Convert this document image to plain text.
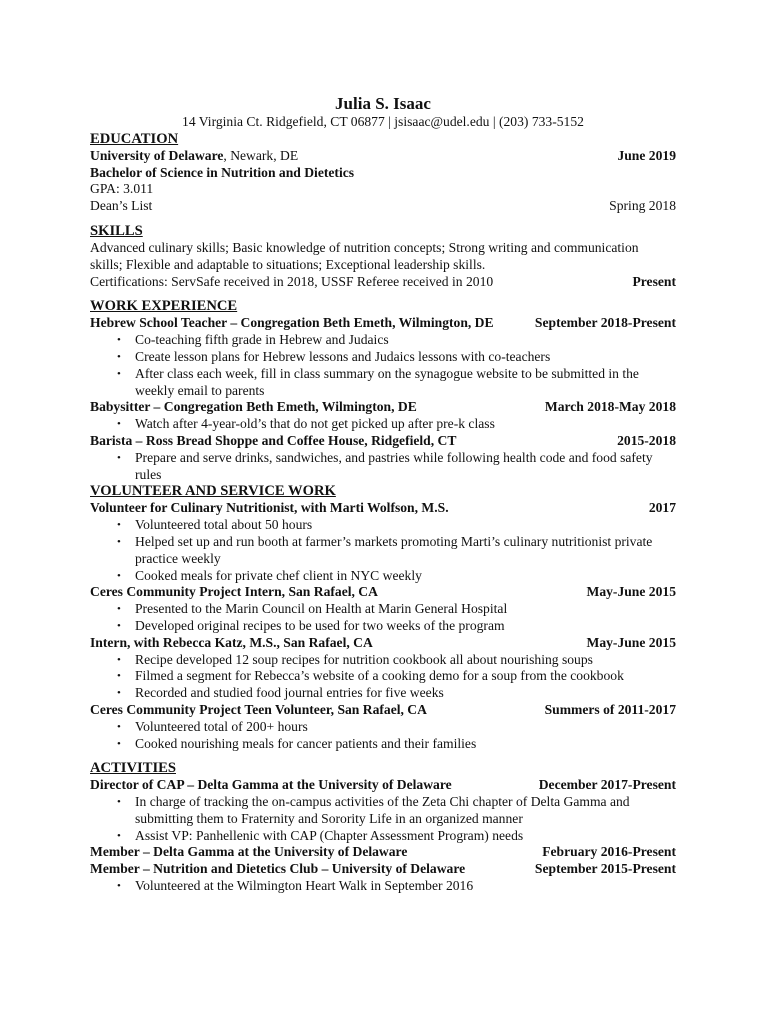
Julia S. Isaac
14 Virginia Ct. Ridgefield, CT 06877 | jsisaac@udel.edu | (203) 733-5152
EDUCATION
University of Delaware, Newark, DE	June 2019
Bachelor of Science in Nutrition and Dietetics
GPA: 3.011
Dean’s List	Spring 2018
SKILLS
Advanced culinary skills; Basic knowledge of nutrition concepts; Strong writing and communication
skills; Flexible and adaptable to situations; Exceptional leadership skills.
Certifications: ServSafe received in 2018, USSF Referee received in 2010	Present
WORK EXPERIENCE
Hebrew School Teacher – Congregation Beth Emeth, Wilmington, DE	September 2018-Present
• Co-teaching fifth grade in Hebrew and Judaics
• Create lesson plans for Hebrew lessons and Judaics lessons with co-teachers
• After class each week, fill in class summary on the synagogue website to be submitted in the weekly email to parents
Babysitter – Congregation Beth Emeth, Wilmington, DE	March 2018-May 2018
• Watch after 4-year-old’s that do not get picked up after pre-k class
Barista – Ross Bread Shoppe and Coffee House, Ridgefield, CT	2015-2018
• Prepare and serve drinks, sandwiches, and pastries while following health code and food safety rules
VOLUNTEER AND SERVICE WORK
Volunteer for Culinary Nutritionist, with Marti Wolfson, M.S.	2017
• Volunteered total about 50 hours
• Helped set up and run booth at farmer’s markets promoting Marti’s culinary nutritionist private practice weekly
• Cooked meals for private chef client in NYC weekly
Ceres Community Project Intern, San Rafael, CA	May-June 2015
• Presented to the Marin Council on Health at Marin General Hospital
• Developed original recipes to be used for two weeks of the program
Intern, with Rebecca Katz, M.S., San Rafael, CA	May-June 2015
• Recipe developed 12 soup recipes for nutrition cookbook all about nourishing soups
• Filmed a segment for Rebecca’s website of a cooking demo for a soup from the cookbook
• Recorded and studied food journal entries for five weeks
Ceres Community Project Teen Volunteer, San Rafael, CA	Summers of 2011-2017
• Volunteered total of 200+ hours
• Cooked nourishing meals for cancer patients and their families
ACTIVITIES
Director of CAP – Delta Gamma at the University of Delaware	December 2017-Present
• In charge of tracking the on-campus activities of the Zeta Chi chapter of Delta Gamma and submitting them to Fraternity and Sorority Life in an organized manner
• Assist VP: Panhellenic with CAP (Chapter Assessment Program) needs
Member – Delta Gamma at the University of Delaware	February 2016-Present
Member – Nutrition and Dietetics Club – University of Delaware	September 2015-Present
• Volunteered at the Wilmington Heart Walk in September 2016
